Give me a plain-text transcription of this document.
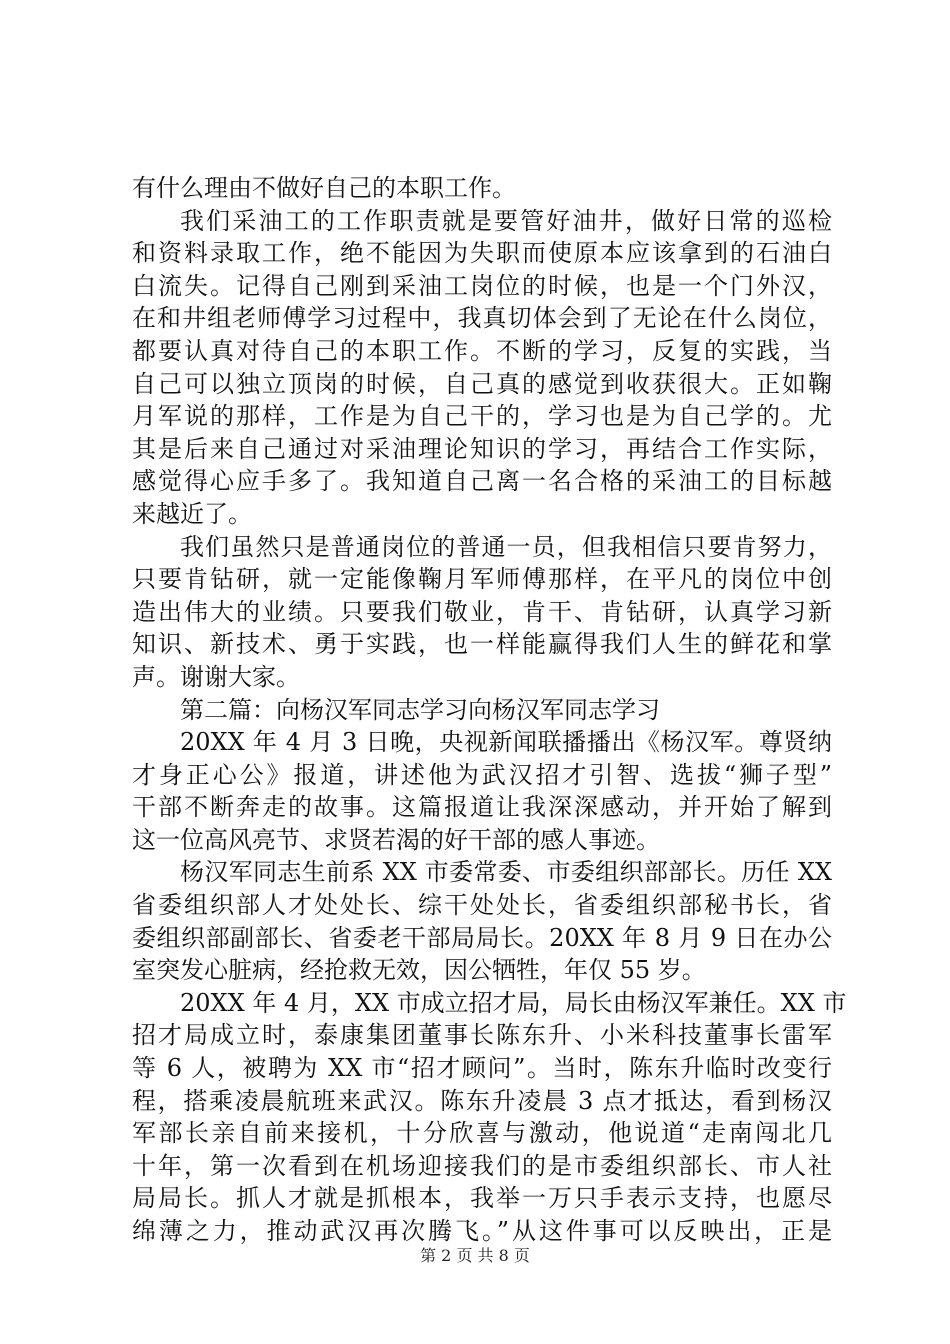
有什么理由不做好自己的本职工作。
我们采油工的工作职责就是要管好油井，做好日常的巡检
和资料录取工作，绝不能因为失职而使原本应该拿到的石油白
白流失。记得自己刚到采油工岗位的时候，也是一个门外汉，
在和井组老师傅学习过程中，我真切体会到了无论在什么岗位，
都要认真对待自己的本职工作。不断的学习，反复的实践，当
自己可以独立顶岗的时候，自己真的感觉到收获很大。正如鞠
月军说的那样，工作是为自己干的，学习也是为自己学的。尤
其是后来自己通过对采油理论知识的学习，再结合工作实际，
感觉得心应手多了。我知道自己离一名合格的采油工的目标越
来越近了。
我们虽然只是普通岗位的普通一员，但我相信只要肯努力，
只要肯钻研，就一定能像鞠月军师傅那样，在平凡的岗位中创
造出伟大的业绩。只要我们敬业，肯干、肯钻研，认真学习新
知识、新技术、勇于实践，也一样能赢得我们人生的鲜花和掌
声。谢谢大家。
第二篇：向杨汉军同志学习向杨汉军同志学习
20XX 年 4 月 3 日晚，央视新闻联播播出《杨汉军。尊贤纳
才身正心公》报道，讲述他为武汉招才引智、选拔“狮子型”
干部不断奔走的故事。这篇报道让我深深感动，并开始了解到
这一位高风亮节、求贤若渴的好干部的感人事迹。
杨汉军同志生前系 XX 市委常委、市委组织部部长。历任 XX
省委组织部人才处处长、综干处处长，省委组织部秘书长，省
委组织部副部长、省委老干部局局长。20XX 年 8 月 9 日在办公
室突发心脏病，经抢救无效，因公牺牲，年仅 55 岁。
20XX 年 4 月，XX 市成立招才局，局长由杨汉军兼任。XX 市
招才局成立时，泰康集团董事长陈东升、小米科技董事长雷军
等 6 人，被聘为 XX 市“招才顾问”。当时，陈东升临时改变行
程，搭乘凌晨航班来武汉。陈东升凌晨 3 点才抵达，看到杨汉
军部长亲自前来接机，十分欣喜与激动，他说道“走南闯北几
十年，第一次看到在机场迎接我们的是市委组织部长、市人社
局局长。抓人才就是抓根本，我举一万只手表示支持，也愿尽
绵薄之力，推动武汉再次腾飞。”从这件事可以反映出，正是
第 2 页 共 8 页
